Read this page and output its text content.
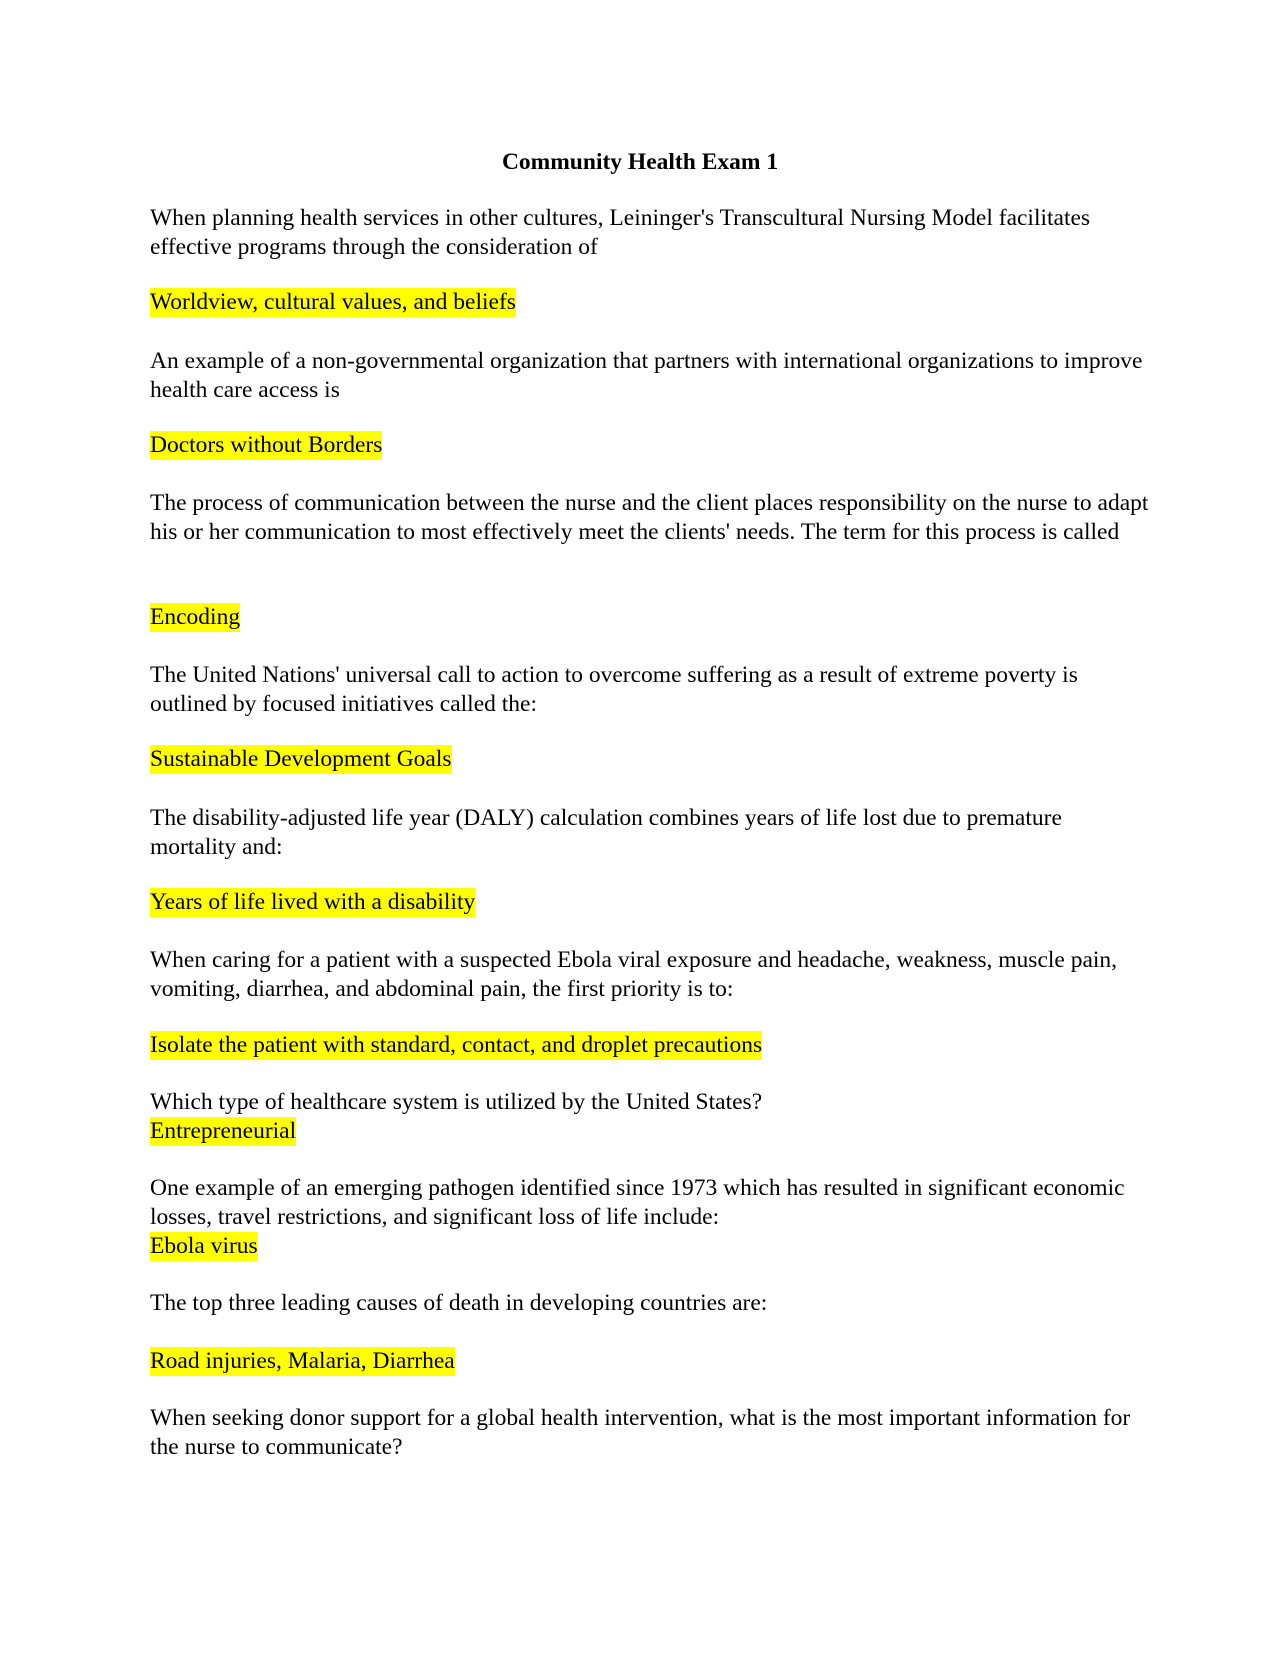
Community Health Exam 1

When planning health services in other cultures, Leininger's Transcultural Nursing Model facilitates effective programs through the consideration of

Worldview, cultural values, and beliefs

An example of a non-governmental organization that partners with international organizations to improve health care access is

Doctors without Borders

The process of communication between the nurse and the client places responsibility on the nurse to adapt his or her communication to most effectively meet the clients' needs. The term for this process is called

Encoding

The United Nations' universal call to action to overcome suffering as a result of extreme poverty is outlined by focused initiatives called the:

Sustainable Development Goals

The disability-adjusted life year (DALY) calculation combines years of life lost due to premature mortality and:

Years of life lived with a disability

When caring for a patient with a suspected Ebola viral exposure and headache, weakness, muscle pain, vomiting, diarrhea, and abdominal pain, the first priority is to:

Isolate the patient with standard, contact, and droplet precautions

Which type of healthcare system is utilized by the United States?

Entrepreneurial

One example of an emerging pathogen identified since 1973 which has resulted in significant economic losses, travel restrictions, and significant loss of life include:

Ebola virus

The top three leading causes of death in developing countries are:

Road injuries, Malaria, Diarrhea

When seeking donor support for a global health intervention, what is the most important information for the nurse to communicate?
